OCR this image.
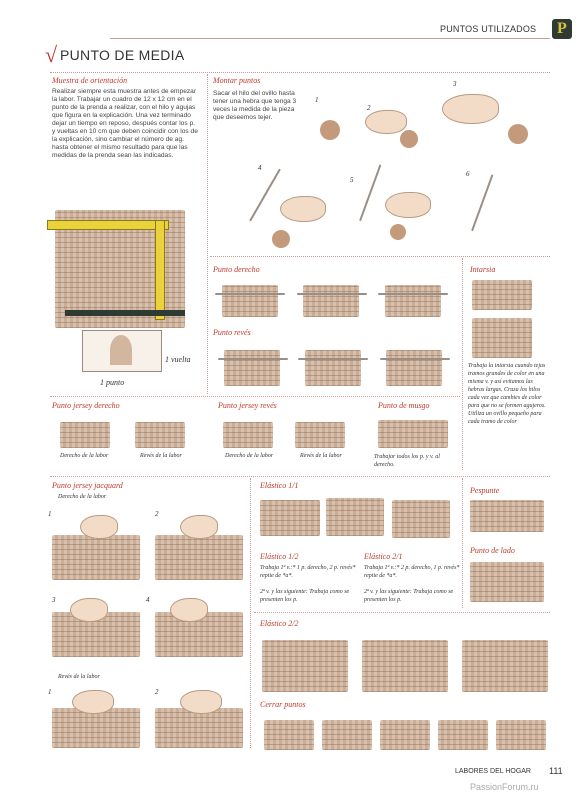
PUNTOS UTILIZADOS P
√ PUNTO DE MEDIA
Muestra de orientación
Realizar siempre esta muestra antes de empezar la labor. Trabajar un cuadro de 12 x 12 cm en el punto de la prenda a realizar, con el hilo y agujas que figura en la explicación. Una vez terminado dejar un tiempo en reposo, después contar los p. y vueltas en 10 cm que deben coincidir con los de la explicación, sino cambiar el número de ag. hasta obtener el mismo resultado para que las medidas de la prenda sean las indicadas.
1 vuelta
1 punto
Montar puntos
Sacar el hilo del ovillo hasta tener una hebra que tenga 3 veces la medida de la pieza que deseemos tejer.
1
2
3
4
5
6
Punto derecho
Punto revés
Intarsia
Trabaja la intarsia cuando tejas tramos grandes de color en una misma v. y así evitamos las hebras largas. Cruza los hilos cada vez que cambies de color para que no se formen agujeros. Utiliza un ovillo pequeño para cada tramo de color
Punto jersey derecho
Derecho de la labor	Revés de la labor
Punto jersey revés
Derecho de la labor	Revés de la labor
Punto de musgo
Trabajar todos los p. y v. al derecho.
Punto jersey jacquard
Derecho de la labor
1	2
3	4
Revés de la labor
1	2
Elástico 1/1
Elástico 1/2
Trabaja 1ª v.:* 1 p. derecho, 2 p. revés* repite de *a*.
2ª v. y las siguiente: Trabaja como se presenten los p.
Elástico 2/1
Trabaja 1ª v.:* 2 p. derecho, 1 p. revés* repite de *a*.
2ª v. y las siguiente: Trabaja como se presenten los p.
Elástico 2/2
Cerrar puntos
Pespunte
Punto de lado
LABORES DEL HOGAR 111
PassionForum.ru
